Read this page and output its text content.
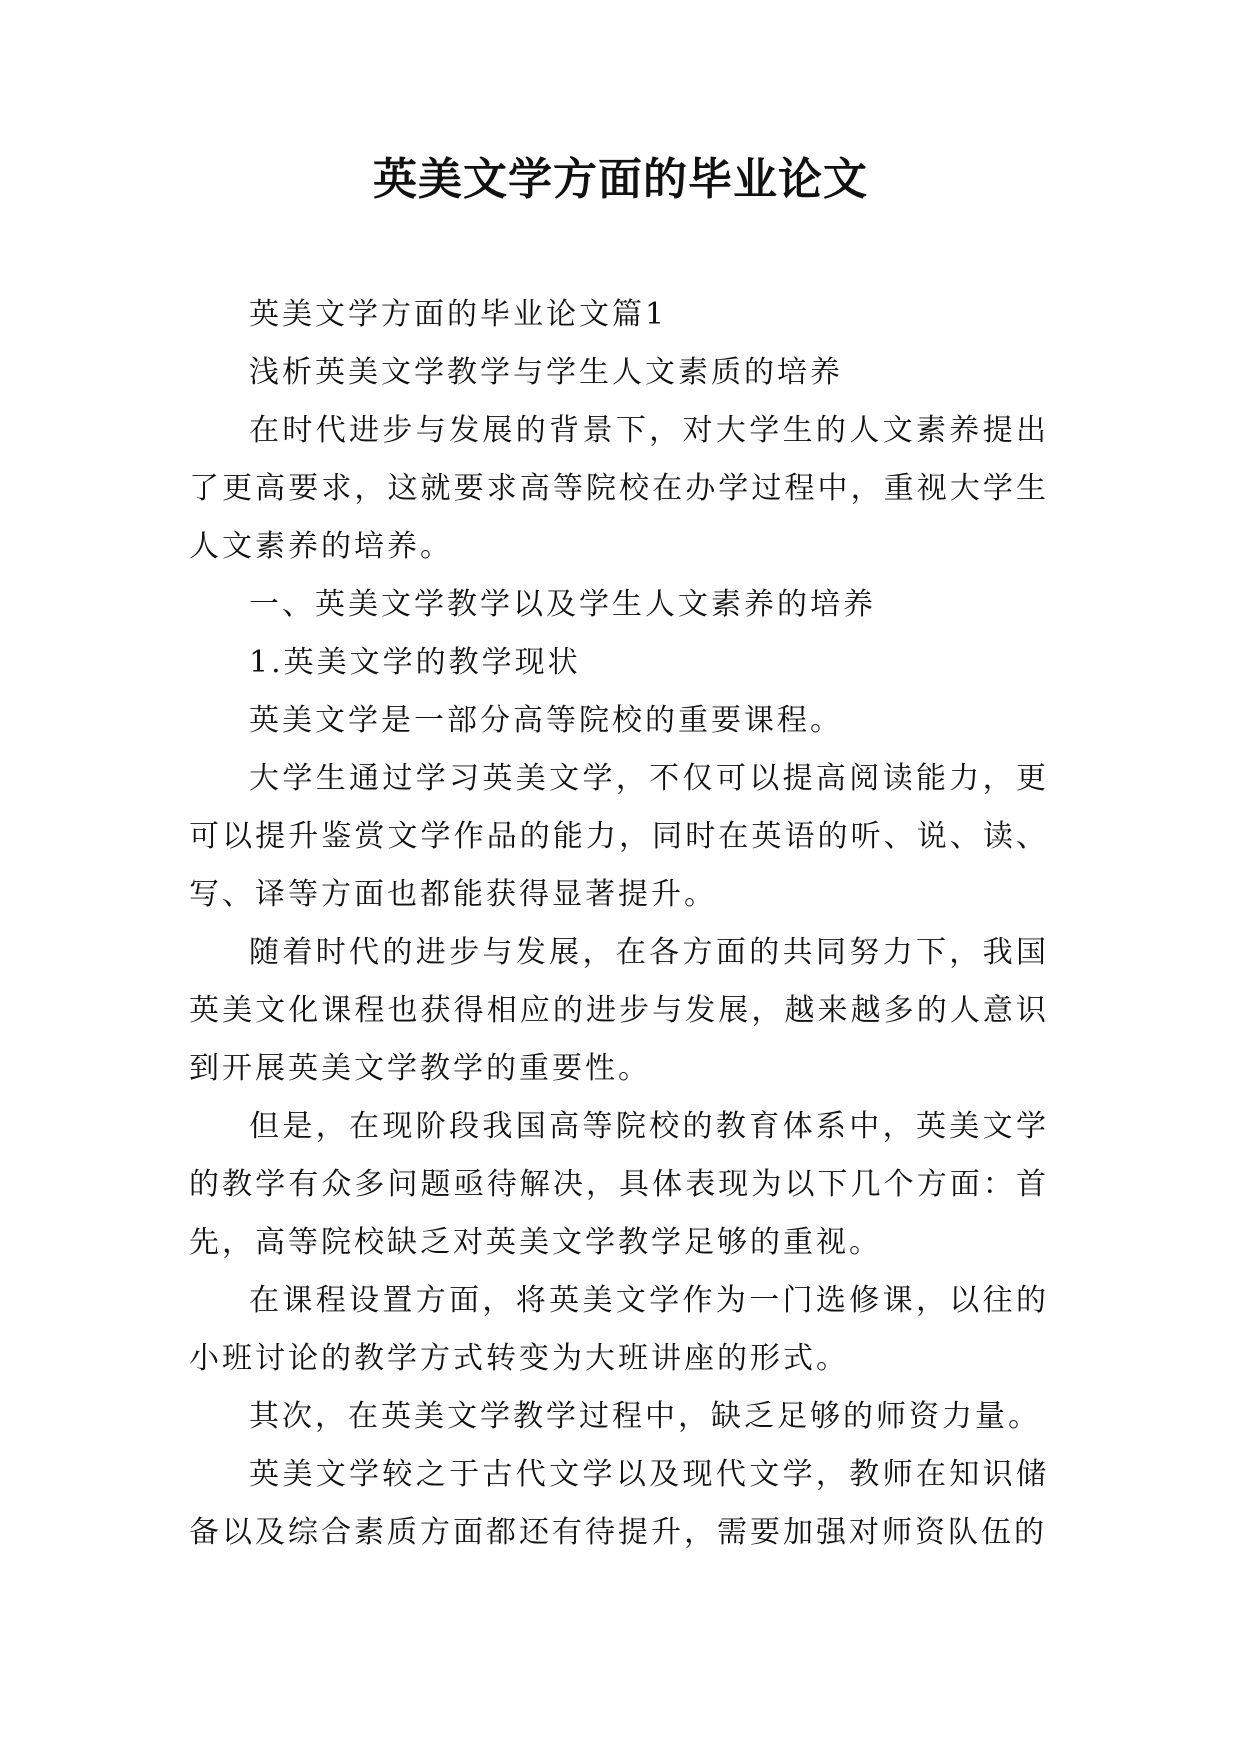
英美文学方面的毕业论文

英美文学方面的毕业论文篇1

浅析英美文学教学与学生人文素质的培养

在时代进步与发展的背景下，对大学生的人文素养提出了更高要求，这就要求高等院校在办学过程中，重视大学生人文素养的培养。

一、英美文学教学以及学生人文素养的培养

1.英美文学的教学现状

英美文学是一部分高等院校的重要课程。

大学生通过学习英美文学，不仅可以提高阅读能力，更可以提升鉴赏文学作品的能力，同时在英语的听、说、读、写、译等方面也都能获得显著提升。

随着时代的进步与发展，在各方面的共同努力下，我国英美文化课程也获得相应的进步与发展，越来越多的人意识到开展英美文学教学的重要性。

但是，在现阶段我国高等院校的教育体系中，英美文学的教学有众多问题亟待解决，具体表现为以下几个方面：首先，高等院校缺乏对英美文学教学足够的重视。

在课程设置方面，将英美文学作为一门选修课，以往的小班讨论的教学方式转变为大班讲座的形式。

其次，在英美文学教学过程中，缺乏足够的师资力量。

英美文学较之于古代文学以及现代文学，教师在知识储备以及综合素质方面都还有待提升，需要加强对师资队伍的
